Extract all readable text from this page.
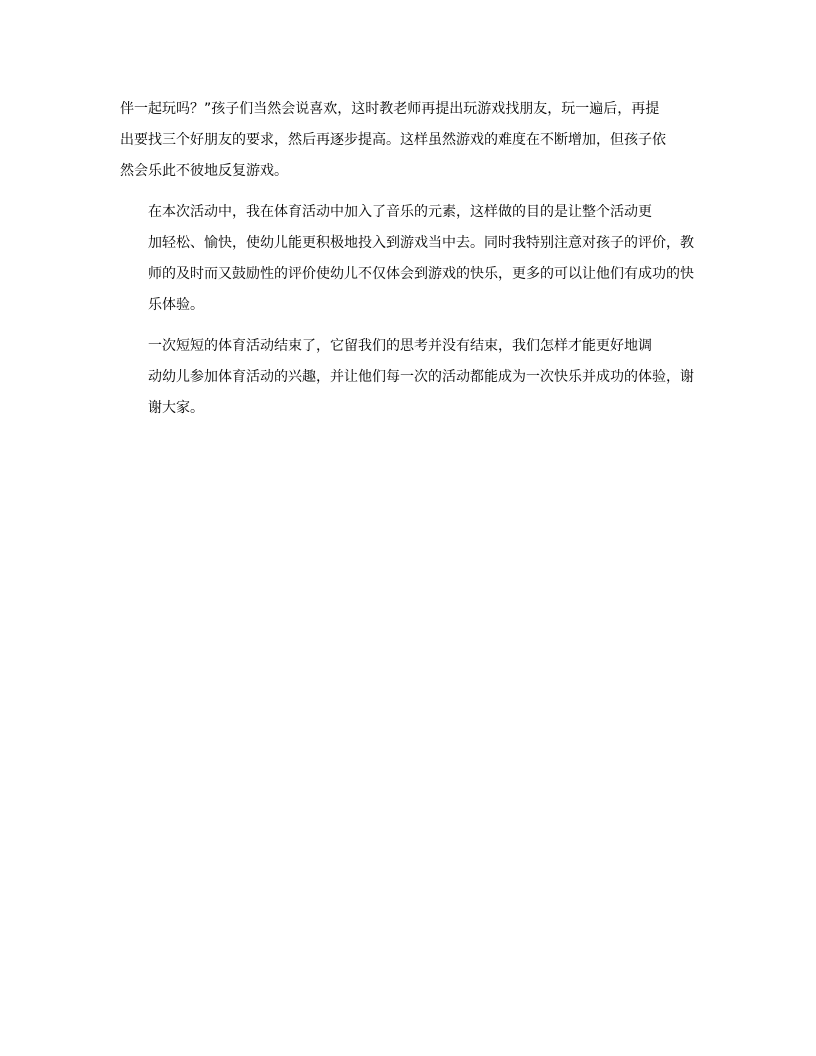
伴一起玩吗？”孩子们当然会说喜欢，这时教老师再提出玩游戏找朋友，玩一遍后，再提
出要找三个好朋友的要求，然后再逐步提高。这样虽然游戏的难度在不断增加，但孩子依
然会乐此不彼地反复游戏。

在本次活动中，我在体育活动中加入了音乐的元素，这样做的目的是让整个活动更
加轻松、愉快，使幼儿能更积极地投入到游戏当中去。同时我特别注意对孩子的评价，教
师的及时而又鼓励性的评价使幼儿不仅体会到游戏的快乐，更多的可以让他们有成功的快
乐体验。

一次短短的体育活动结束了，它留我们的思考并没有结束，我们怎样才能更好地调
动幼儿参加体育活动的兴趣，并让他们每一次的活动都能成为一次快乐并成功的体验，谢
谢大家。
